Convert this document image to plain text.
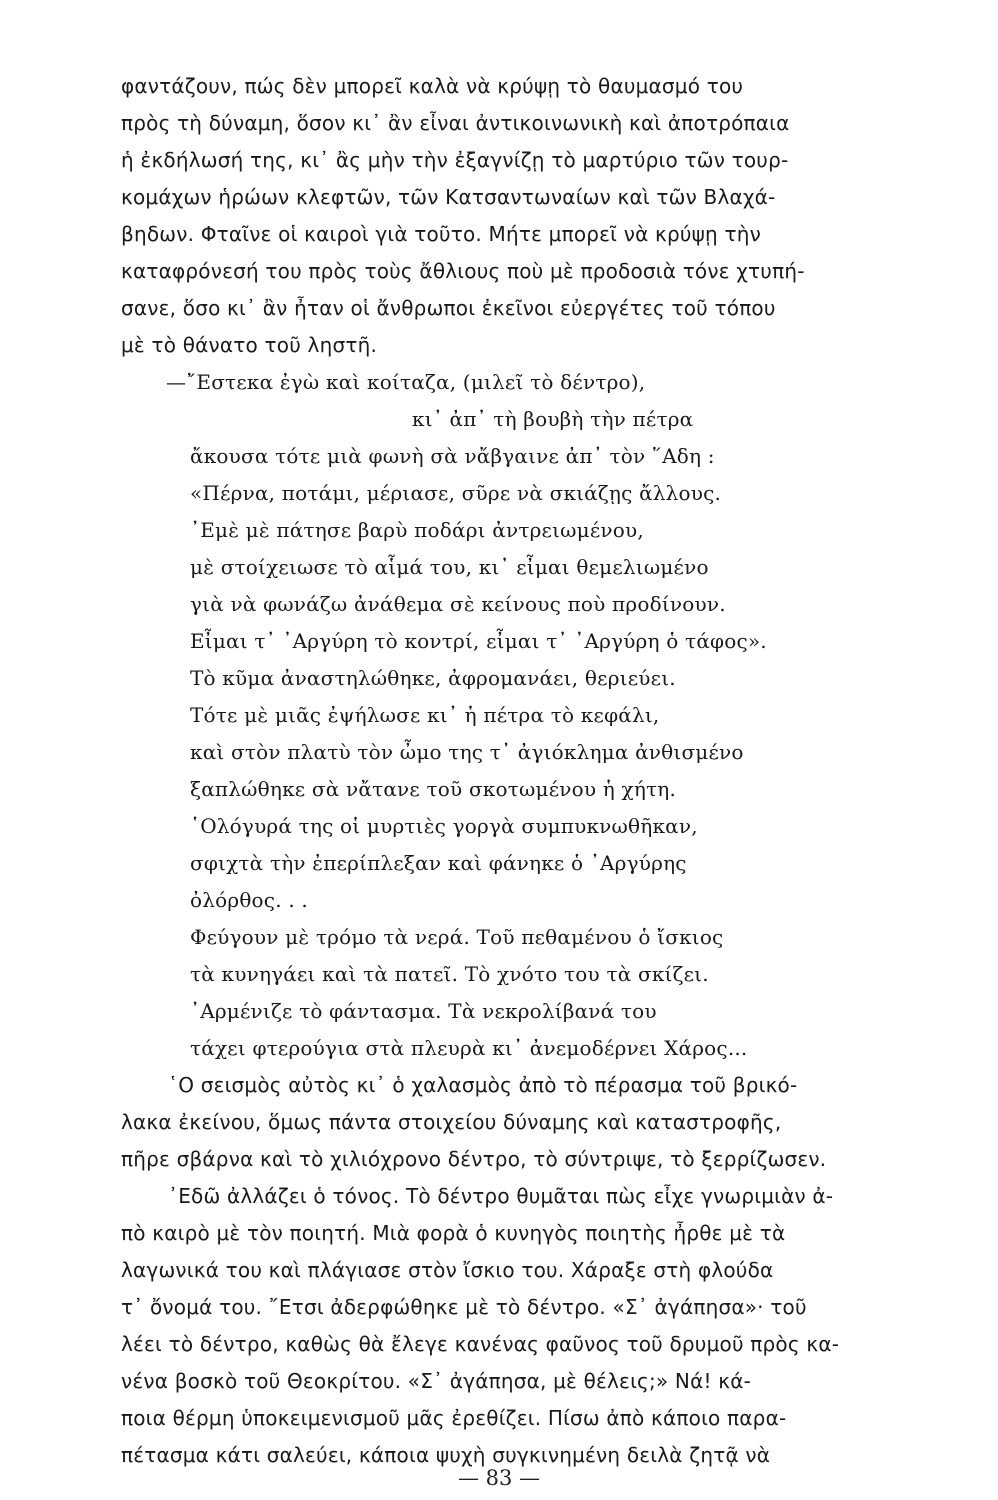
φαντάζουν, πώς δὲν μπορεῖ καλὰ νὰ κρύψῃ τὸ θαυμασμό του
πρὸς τὴ δύναμη, ὅσον κι᾽ ἂν εἶναι ἀντικοινωνικὴ καὶ ἀποτρόπαια
ἡ ἐκδήλωσή της, κι᾽ ἂς μὴν τὴν ἐξαγνίζῃ τὸ μαρτύριο τῶν τουρ-
κομάχων ἡρώων κλεφτῶν, τῶν Κατσαντωναίων καὶ τῶν Βλαχά-
βηδων. Φταῖνε οἱ καιροὶ γιὰ τοῦτο. Μήτε μπορεῖ νὰ κρύψῃ τὴν
καταφρόνεσή του πρὸς τοὺς ἄθλιους ποὺ μὲ προδοσιὰ τόνε χτυπή-
σανε, ὅσο κι᾽ ἂν ἦταν οἱ ἄνθρωποι ἐκεῖνοι εὐεργέτες τοῦ τόπου
μὲ τὸ θάνατο τοῦ ληστῆ.
—῎Εστεκα ἐγὼ καὶ κοίταζα, (μιλεῖ τὸ δέντρο),
κι᾽ ἀπ᾽ τὴ βουβὴ τὴν πέτρα
ἄκουσα τότε μιὰ φωνὴ σὰ νἄβγαινε ἀπ᾽ τὸν ῞Αδη :
«Πέρνα, ποτάμι, μέριασε, σῦρε νὰ σκιάζῃς ἄλλους.
᾽Εμὲ μὲ πάτησε βαρὺ ποδάρι ἀντρειωμένου,
μὲ στοίχειωσε τὸ αἷμά του, κι᾽ εἶμαι θεμελιωμένο
γιὰ νὰ φωνάζω ἀνάθεμα σὲ κείνους ποὺ προδίνουν.
Εἶμαι τ᾽ ᾽Αργύρη τὸ κοντρί, εἶμαι τ᾽ ᾽Αργύρη ὁ τάφος».
Τὸ κῦμα ἀναστηλώθηκε, ἀφρομανάει, θεριεύει.
Τότε μὲ μιᾶς ἐψήλωσε κι᾽ ἡ πέτρα τὸ κεφάλι,
καὶ στὸν πλατὺ τὸν ὦμο της τ᾽ ἀγιόκλημα ἀνθισμένο
ξαπλώθηκε σὰ νἄτανε τοῦ σκοτωμένου ἡ χήτη.
῾Ολόγυρά της οἱ μυρτιὲς γοργὰ συμπυκνωθῆκαν,
σφιχτὰ τὴν ἐπερίπλεξαν καὶ φάνηκε ὁ ᾽Αργύρης
ὀλόρθος. . .
Φεύγουν μὲ τρόμο τὰ νερά. Τοῦ πεθαμένου ὁ ἴσκιος
τὰ κυνηγάει καὶ τὰ πατεῖ. Τὸ χνότο του τὰ σκίζει.
᾽Αρμένιζε τὸ φάντασμα. Τὰ νεκρολίβανά του
τάχει φτερούγια στὰ πλευρὰ κι᾽ ἀνεμοδέρνει Χάρος...
῾Ο σεισμὸς αὐτὸς κι᾽ ὁ χαλασμὸς ἀπὸ τὸ πέρασμα τοῦ βρικό-
λακα ἐκείνου, ὅμως πάντα στοιχείου δύναμης καὶ καταστροφῆς,
πῆρε σβάρνα καὶ τὸ χιλιόχρονο δέντρο, τὸ σύντριψε, τὸ ξερρίζωσεν.
᾽Εδῶ ἀλλάζει ὁ τόνος. Τὸ δέντρο θυμᾶται πὼς εἶχε γνωριμιὰν ἀ-
πὸ καιρὸ μὲ τὸν ποιητή. Μιὰ φορὰ ὁ κυνηγὸς ποιητὴς ἦρθε μὲ τὰ
λαγωνικά του καὶ πλάγιασε στὸν ἴσκιο του. Χάραξε στὴ φλούδα
τ᾽ ὄνομά του. ῎Ετσι ἀδερφώθηκε μὲ τὸ δέντρο. «Σ᾽ ἀγάπησα»· τοῦ
λέει τὸ δέντρο, καθὼς θὰ ἔλεγε κανένας φαῦνος τοῦ δρυμοῦ πρὸς κα-
νένα βοσκὸ τοῦ Θεοκρίτου. «Σ᾽ ἀγάπησα, μὲ θέλεις;» Νά! κά-
ποια θέρμη ὑποκειμενισμοῦ μᾶς ἐρεθίζει. Πίσω ἀπὸ κάποιο παρα-
πέτασμα κάτι σαλεύει, κάποια ψυχὴ συγκινημένη δειλὰ ζητᾷ νὰ
— 83 —
